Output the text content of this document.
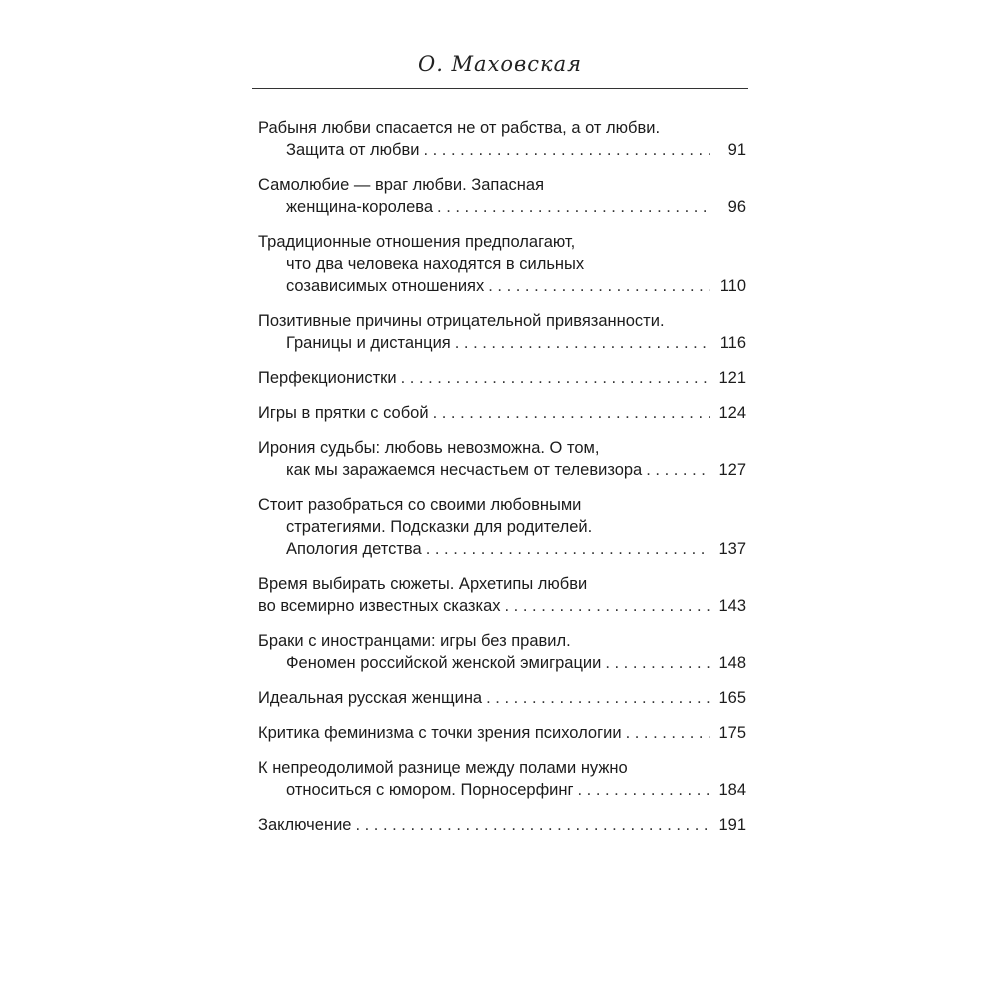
О. Маховская
Рабыня любви спасается не от рабства, а от любви.
Защита от любви . . .	91
Самолюбие — враг любви. Запасная
женщина-королева . . .	96
Традиционные отношения предполагают,
что два человека находятся в сильных
созависимых отношениях . . .	110
Позитивные причины отрицательной привязанности.
Границы и дистанция . . .	116
Перфекционистки . . .	121
Игры в прятки с собой . . .	124
Ирония судьбы: любовь невозможна. О том,
как мы заражаемся несчастьем от телевизора . . .	127
Стоит разобраться со своими любовными
стратегиями. Подсказки для родителей.
Апология детства . . .	137
Время выбирать сюжеты. Архетипы любви
во всемирно известных сказках . . .	143
Браки с иностранцами: игры без правил.
Феномен российской женской эмиграции . . .	148
Идеальная русская женщина . . .	165
Критика феминизма с точки зрения психологии . . .	175
К непреодолимой разнице между полами нужно
относиться с юмором. Порносерфинг . . .	184
Заключение . . .	191
